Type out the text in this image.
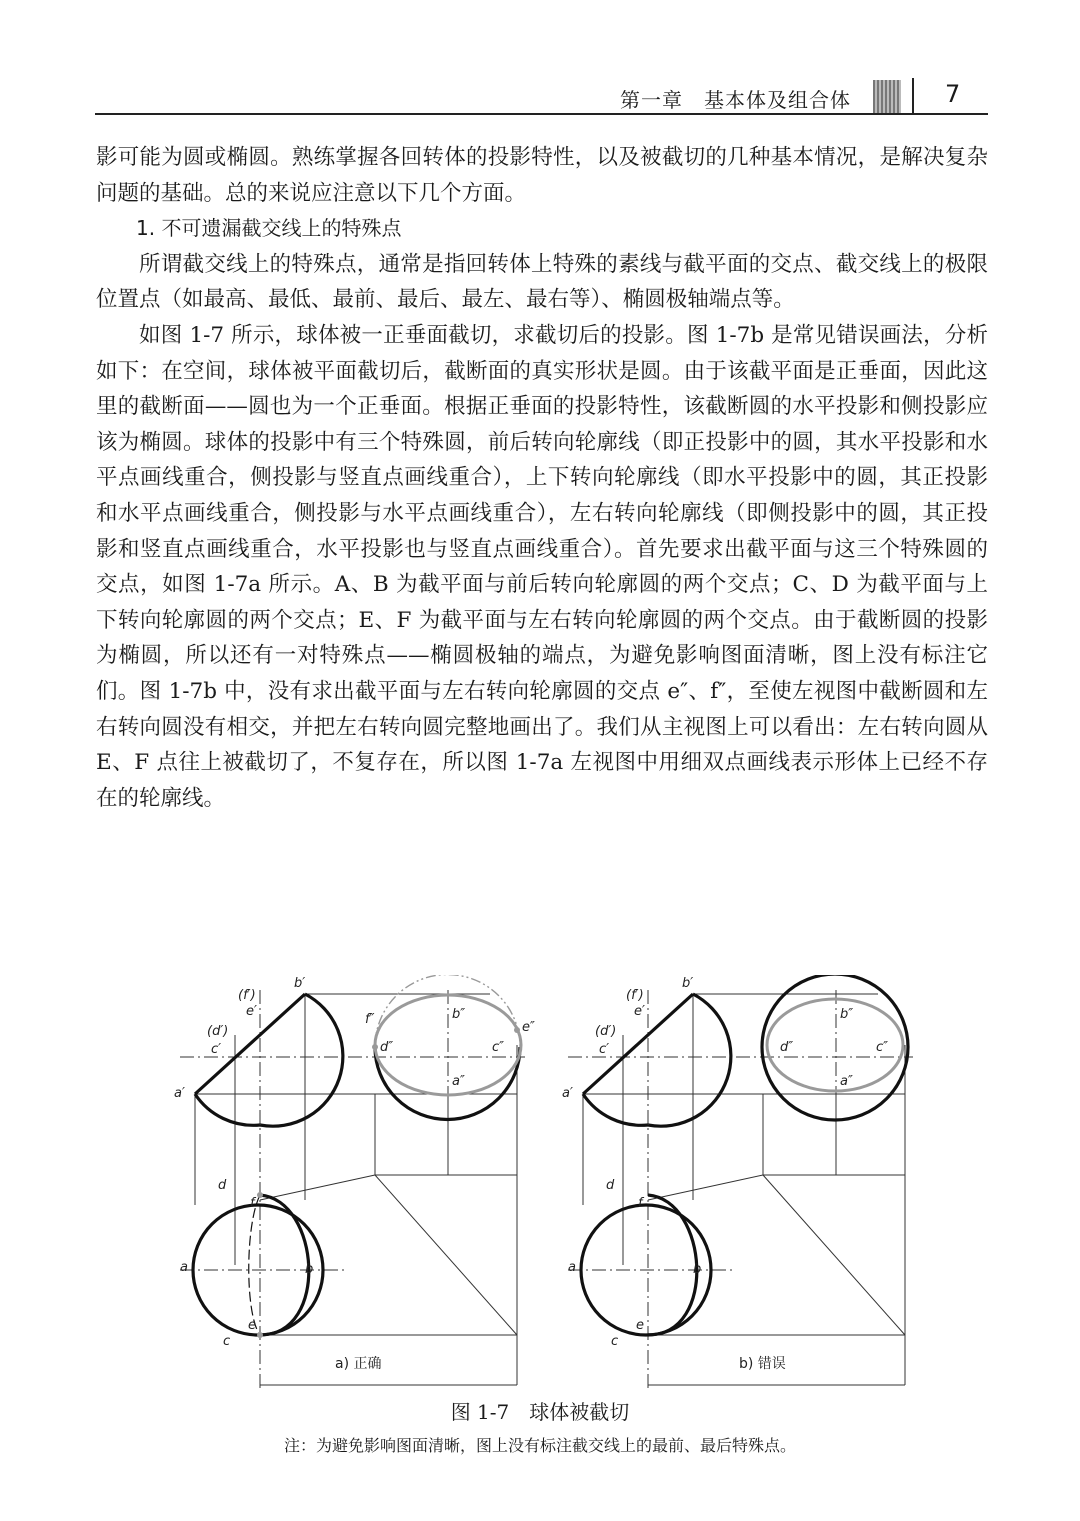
第一章　基本体及组合体	7

影可能为圆或椭圆。熟练掌握各回转体的投影特性，以及被截切的几种基本情况，是解决复杂问题的基础。总的来说应注意以下几个方面。

1. 不可遗漏截交线上的特殊点

所谓截交线上的特殊点，通常是指回转体上特殊的素线与截平面的交点、截交线上的极限位置点（如最高、最低、最前、最后、最左、最右等）、椭圆极轴端点等。

如图 1-7 所示，球体被一正垂面截切，求截切后的投影。图 1-7b 是常见错误画法，分析如下：在空间，球体被平面截切后，截断面的真实形状是圆。由于该截平面是正垂面，因此这里的截断面——圆也为一个正垂面。根据正垂面的投影特性，该截断圆的水平投影和侧投影应该为椭圆。球体的投影中有三个特殊圆，前后转向轮廓线（即正投影中的圆，其水平投影和水平点画线重合，侧投影与竖直点画线重合），上下转向轮廓线（即水平投影中的圆，其正投影和水平点画线重合，侧投影与水平点画线重合），左右转向轮廓线（即侧投影中的圆，其正投影和竖直点画线重合，水平投影也与竖直点画线重合）。首先要求出截平面与这三个特殊圆的交点，如图 1-7a 所示。A、B 为截平面与前后转向轮廓圆的两个交点；C、D 为截平面与上下转向轮廓圆的两个交点；E、F 为截平面与左右转向轮廓圆的两个交点。由于截断圆的投影为椭圆，所以还有一对特殊点——椭圆极轴的端点，为避免影响图面清晰，图上没有标注它们。图 1-7b 中，没有求出截平面与左右转向轮廓圆的交点 e″、f″，至使左视图中截断圆和左右转向圆没有相交，并把左右转向圆完整地画出了。我们从主视图上可以看出：左右转向圆从 E、F 点往上被截切了，不复存在，所以图 1-7a 左视图中用细双点画线表示形体上已经不存在的轮廓线。

(f′)
b′
e′
(d′)
c′
a′
f″	b″
e″
d″	c″
a″
d
f
a	b
e
c
a) 正确
(f′)
b′
e′
(d′)
c′
a′
b″
d″	c″
a″
d
f
a	b
e
c
b) 错误
图 1-7　球体被截切
注：为避免影响图面清晰，图上没有标注截交线上的最前、最后特殊点。
